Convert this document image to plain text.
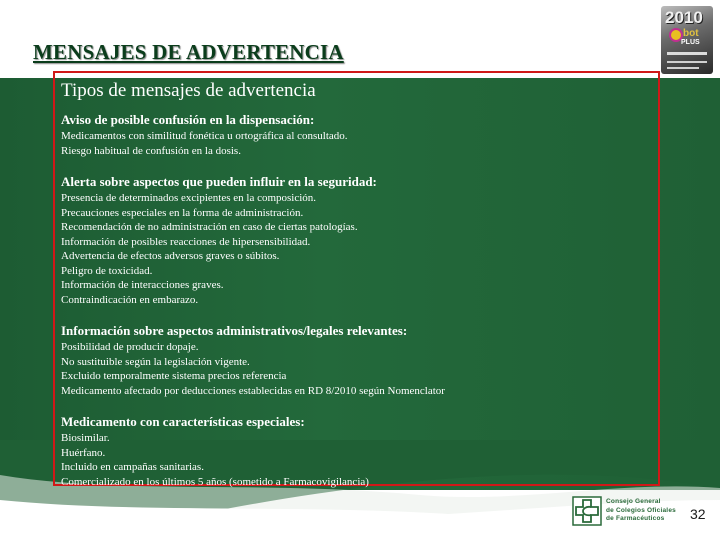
MENSAJES DE ADVERTENCIA
2010
bot
PLUS
Tipos de mensajes de advertencia

Aviso de posible confusión en la dispensación:

Medicamentos con similitud fonética u ortográfica al consultado.

Riesgo habitual de confusión en la dosis.

Alerta sobre aspectos que pueden influir en la seguridad:

Presencia de determinados excipientes en la composición.

Precauciones especiales en la forma de administración.

Recomendación de no administración en caso de ciertas patologías.

Información de posibles reacciones de hipersensibilidad.

Advertencia de efectos adversos graves o súbitos.

Peligro de toxicidad.

Información de interacciones graves.

Contraindicación en embarazo.

Información sobre aspectos administrativos/legales relevantes:

Posibilidad de producir dopaje.

No sustituible según la legislación vigente.

Excluido temporalmente sistema precios referencia

Medicamento afectado por deducciones establecidas en RD 8/2010 según Nomenclator

Medicamento con características especiales:

Biosimilar.

Huérfano.

Incluido en campañas sanitarias.

Comercializado en los últimos 5 años (sometido a Farmacovigilancia)

Consejo General
de Colegios Oficiales
de Farmacéuticos	32
